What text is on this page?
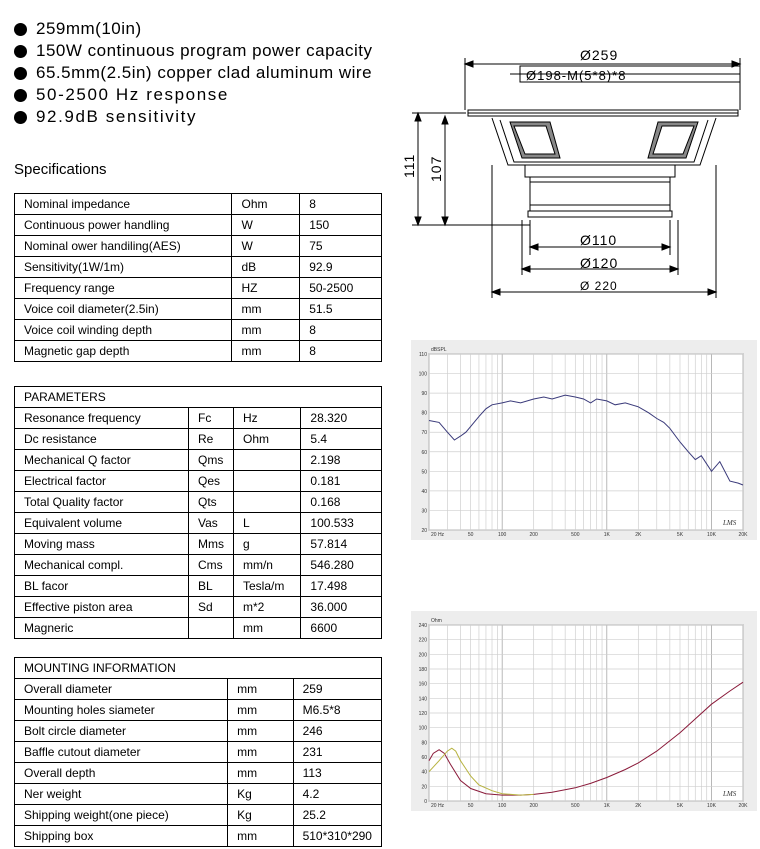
259mm(10in)
150W continuous program power capacity
65.5mm(2.5in) copper clad aluminum wire
50-2500 Hz response
92.9dB sensitivity
Specifications
Nominal impedance	Ohm	8
Continuous power handling	W	150
Nominal ower handiling(AES)	W	75
Sensitivity(1W/1m)	dB	92.9
Frequency range	HZ	50-2500
Voice coil diameter(2.5in)	mm	51.5
Voice coil winding depth	mm	8
Magnetic gap depth	mm	8
PARAMETERS			
Resonance frequency	Fc	Hz	28.320
Dc resistance	Re	Ohm	5.4
Mechanical Q factor	Qms		2.198
Electrical factor	Qes		0.181
Total Quality factor	Qts		0.168
Equivalent volume	Vas	L	100.533
Moving mass	Mms	g	57.814
Mechanical compl.	Cms	mm/n	546.280
BL facor	BL	Tesla/m	17.498
Effective piston area	Sd	m*2	36.000
Magneric		mm	6600
MOUNTING INFORMATION		
Overall diameter	mm	259
Mounting holes siameter	mm	M6.5*8
Bolt circle diameter	mm	246
Baffle cutout diameter	mm	231
Overall depth	mm	113
Ner weight	Kg	4.2
Shipping weight(one piece)	Kg	25.2
Shipping box	mm	510*310*290
Ø259
Ø198-M(5*8)*8
Ø110
Ø120
Ø 220
111 107
110
100
90
80
70
60
50
40
30
20
20 Hz	50	100	200	500	1K	2K	5K	10K	20K
dBSPL
LMS
240
220
200
180
160
140
120
100
80
60
40
20
0
20 Hz	50	100	200	500	1K	2K	5K	10K	20K
Ohm
LMS
